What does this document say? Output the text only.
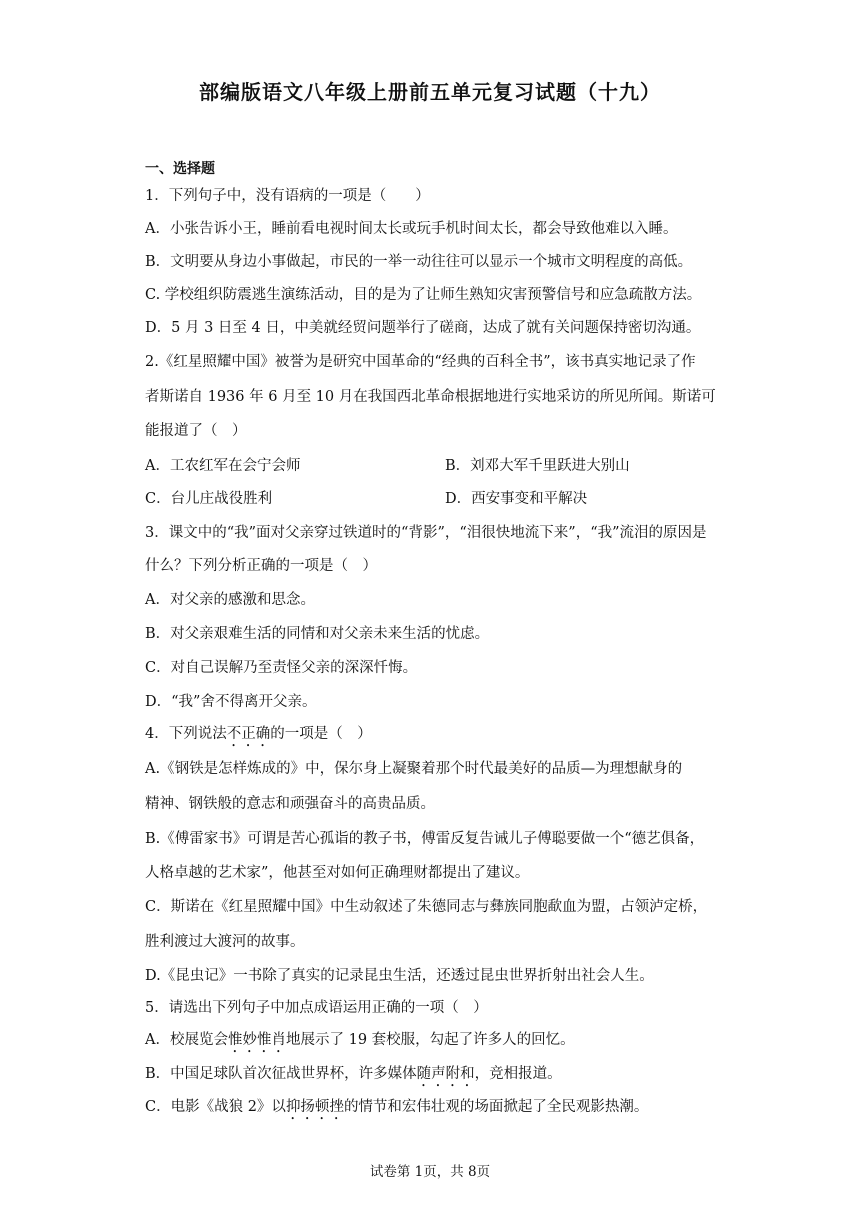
部编版语文八年级上册前五单元复习试题（十九）
一、选择题
1．下列句子中，没有语病的一项是（　　）
A．小张告诉小王，睡前看电视时间太长或玩手机时间太长，都会导致他难以入睡。
B．文明要从身边小事做起，市民的一举一动往往可以显示一个城市文明程度的高低。
C. 学校组织防震逃生演练活动，目的是为了让师生熟知灾害预警信号和应急疏散方法。
D．5 月 3 日至 4 日，中美就经贸问题举行了磋商，达成了就有关问题保持密切沟通。
2.《红星照耀中国》被誉为是研究中国革命的“经典的百科全书”，该书真实地记录了作
者斯诺自 1936 年 6 月至 10 月在我国西北革命根据地进行实地采访的所见所闻。斯诺可
能报道了（　）
A．工农红军在会宁会师	B．刘邓大军千里跃进大别山
C．台儿庄战役胜利	D．西安事变和平解决
3．课文中的“我”面对父亲穿过铁道时的“背影”，“泪很快地流下来”，“我”流泪的原因是
什么？下列分析正确的一项是（　）
A．对父亲的感激和思念。
B．对父亲艰难生活的同情和对父亲未来生活的忧虑。
C．对自己误解乃至责怪父亲的深深忏悔。
D．“我”舍不得离开父亲。
4．下列说法不正确的一项是（　）
A.《钢铁是怎样炼成的》中，保尔身上凝聚着那个时代最美好的品质—为理想献身的
精神、钢铁般的意志和顽强奋斗的高贵品质。
B.《傅雷家书》可谓是苦心孤诣的教子书，傅雷反复告诫儿子傅聪要做一个“德艺俱备，
人格卓越的艺术家”，他甚至对如何正确理财都提出了建议。
C．斯诺在《红星照耀中国》中生动叙述了朱德同志与彝族同胞歃血为盟，占领泸定桥，
胜利渡过大渡河的故事。
D.《昆虫记》一书除了真实的记录昆虫生活，还透过昆虫世界折射出社会人生。
5．请选出下列句子中加点成语运用正确的一项（　）
A．校展览会惟妙惟肖地展示了 19 套校服，勾起了许多人的回忆。
B．中国足球队首次征战世界杯，许多媒体随声附和，竞相报道。
C．电影《战狼 2》以抑扬顿挫的情节和宏伟壮观的场面掀起了全民观影热潮。
试卷第 1页，共 8页
